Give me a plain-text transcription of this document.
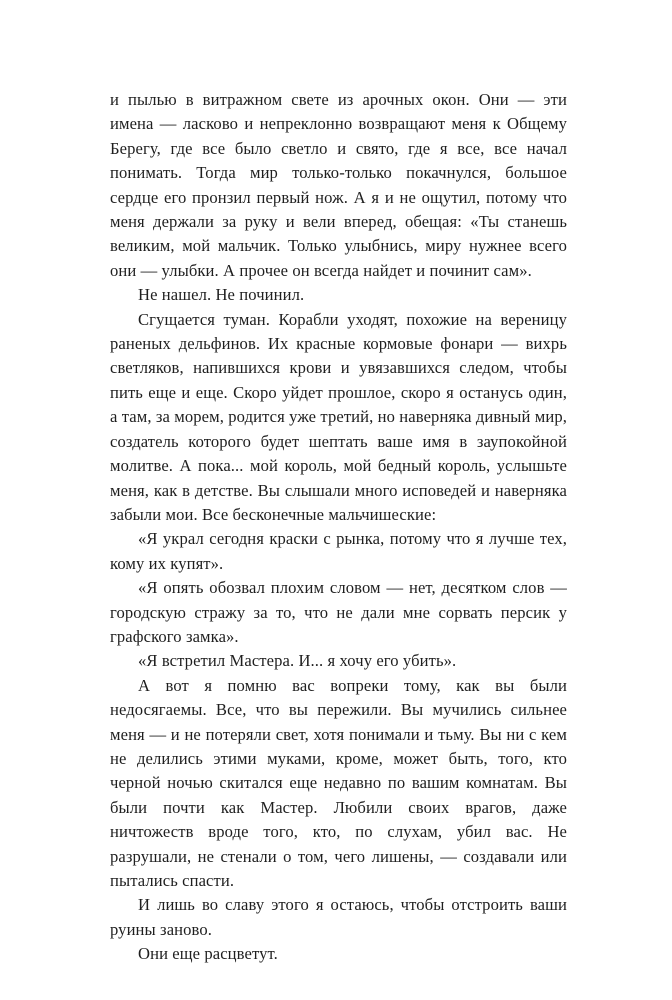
и пылью в витражном свете из арочных окон. Они — эти имена — ласково и непреклонно возвращают меня к Общему Берегу, где все было светло и свято, где я все, все начал понимать. Тогда мир только-только покачнулся, большое сердце его пронзил первый нож. А я и не ощутил, потому что меня держали за руку и вели вперед, обещая: «Ты станешь великим, мой мальчик. Только улыбнись, миру нужнее всего они — улыбки. А прочее он всегда найдет и починит сам».

Не нашел. Не починил.

Сгущается туман. Корабли уходят, похожие на вереницу раненых дельфинов. Их красные кормовые фонари — вихрь светляков, напившихся крови и увязавшихся следом, чтобы пить еще и еще. Скоро уйдет прошлое, скоро я останусь один, а там, за морем, родится уже третий, но наверняка дивный мир, создатель которого будет шептать ваше имя в заупокойной молитве. А пока... мой король, мой бедный король, услышьте меня, как в детстве. Вы слышали много исповедей и наверняка забыли мои. Все бесконечные мальчишеские:

«Я украл сегодня краски с рынка, потому что я лучше тех, кому их купят».

«Я опять обозвал плохим словом — нет, десятком слов — городскую стражу за то, что не дали мне сорвать персик у графского замка».

«Я встретил Мастера. И... я хочу его убить».

А вот я помню вас вопреки тому, как вы были недосягаемы. Все, что вы пережили. Вы мучились сильнее меня — и не потеряли свет, хотя понимали и тьму. Вы ни с кем не делились этими муками, кроме, может быть, того, кто черной ночью скитался еще недавно по вашим комнатам. Вы были почти как Мастер. Любили своих врагов, даже ничтожеств вроде того, кто, по слухам, убил вас. Не разрушали, не стенали о том, чего лишены, — создавали или пытались спасти.

И лишь во славу этого я остаюсь, чтобы отстроить ваши руины заново.

Они еще расцветут.
